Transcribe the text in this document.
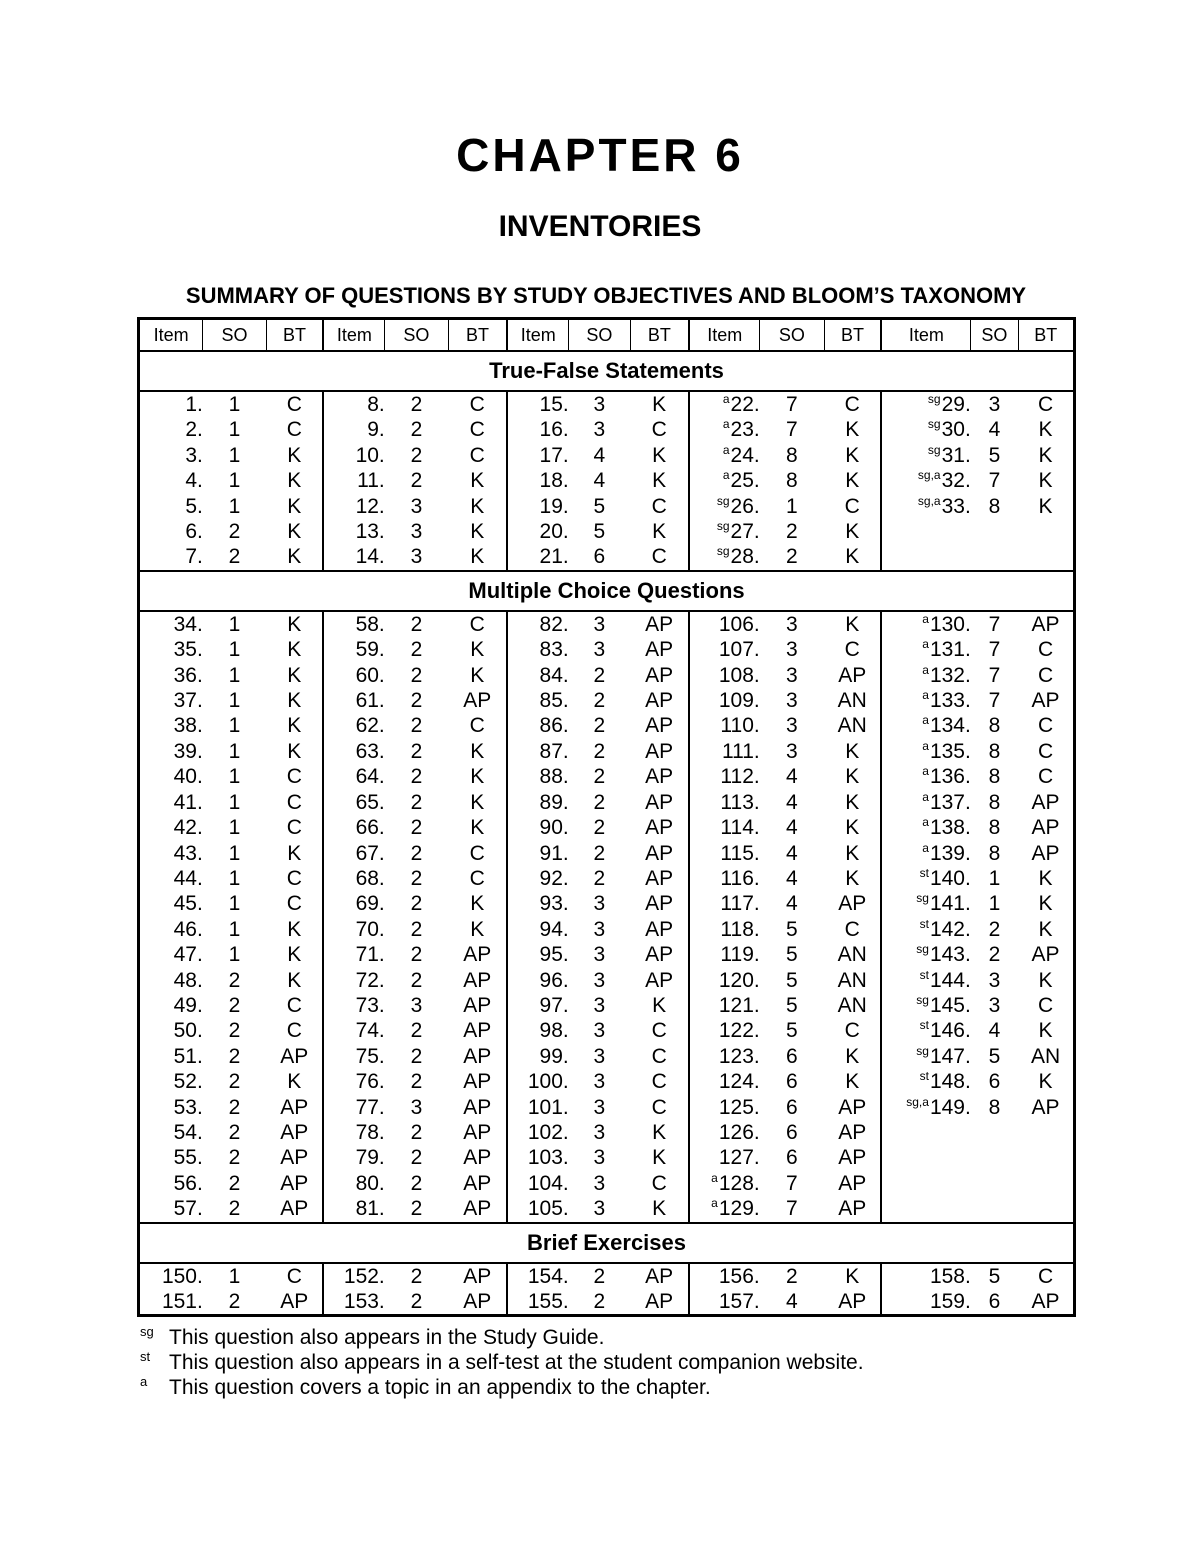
CHAPTER 6
INVENTORIES
SUMMARY OF QUESTIONS BY STUDY OBJECTIVES AND BLOOM’S TAXONOMY
Item	SO	BT	Item	SO	BT	Item	SO	BT	Item	SO	BT	Item	SO	BT
True-False Statements														
1.	1	C	8.	2	C	15.	3	K	$^a$22.	7	C	$^{sg}$29.	3	C
2.	1	C	9.	2	C	16.	3	C	$^a$23.	7	K	$^{sg}$30.	4	K
3.	1	K	10.	2	C	17.	4	K	$^a$24.	8	K	$^{sg}$31.	5	K
4.	1	K	11.	2	K	18.	4	K	$^a$25.	8	K	$^{sg,a}$32.	7	K
5.	1	K	12.	3	K	19.	5	C	$^{sg}$26.	1	C	$^{sg,a}$33.	8	K
6.	2	K	13.	3	K	20.	5	K	$^{sg}$27.	2	K			
7.	2	K	14.	3	K	21.	6	C	$^{sg}$28.	2	K			
Multiple Choice Questions														
34.	1	K	58.	2	C	82.	3	AP	106.	3	K	$^a$130.	7	AP
35.	1	K	59.	2	K	83.	3	AP	107.	3	C	$^a$131.	7	C
36.	1	K	60.	2	K	84.	2	AP	108.	3	AP	$^a$132.	7	C
37.	1	K	61.	2	AP	85.	2	AP	109.	3	AN	$^a$133.	7	AP
38.	1	K	62.	2	C	86.	2	AP	110.	3	AN	$^a$134.	8	C
39.	1	K	63.	2	K	87.	2	AP	111.	3	K	$^a$135.	8	C
40.	1	C	64.	2	K	88.	2	AP	112.	4	K	$^a$136.	8	C
41.	1	C	65.	2	K	89.	2	AP	113.	4	K	$^a$137.	8	AP
42.	1	C	66.	2	K	90.	2	AP	114.	4	K	$^a$138.	8	AP
43.	1	K	67.	2	C	91.	2	AP	115.	4	K	$^a$139.	8	AP
44.	1	C	68.	2	C	92.	2	AP	116.	4	K	$^{st}$140.	1	K
45.	1	C	69.	2	K	93.	3	AP	117.	4	AP	$^{sg}$141.	1	K
46.	1	K	70.	2	K	94.	3	AP	118.	5	C	$^{st}$142.	2	K
47.	1	K	71.	2	AP	95.	3	AP	119.	5	AN	$^{sg}$143.	2	AP
48.	2	K	72.	2	AP	96.	3	AP	120.	5	AN	$^{st}$144.	3	K
49.	2	C	73.	3	AP	97.	3	K	121.	5	AN	$^{sg}$145.	3	C
50.	2	C	74.	2	AP	98.	3	C	122.	5	C	$^{st}$146.	4	K
51.	2	AP	75.	2	AP	99.	3	C	123.	6	K	$^{sg}$147.	5	AN
52.	2	K	76.	2	AP	100.	3	C	124.	6	K	$^{st}$148.	6	K
53.	2	AP	77.	3	AP	101.	3	C	125.	6	AP	$^{sg,a}$149.	8	AP
54.	2	AP	78.	2	AP	102.	3	K	126.	6	AP			
55.	2	AP	79.	2	AP	103.	3	K	127.	6	AP			
56.	2	AP	80.	2	AP	104.	3	C	$^a$128.	7	AP			
57.	2	AP	81.	2	AP	105.	3	K	$^a$129.	7	AP			
Brief Exercises														
150.	1	C	152.	2	AP	154.	2	AP	156.	2	K	158.	5	C
151.	2	AP	153.	2	AP	155.	2	AP	157.	4	AP	159.	6	AP
sg This question also appears in the Study Guide.
st This question also appears in a self-test at the student companion website.
a This question covers a topic in an appendix to the chapter.
